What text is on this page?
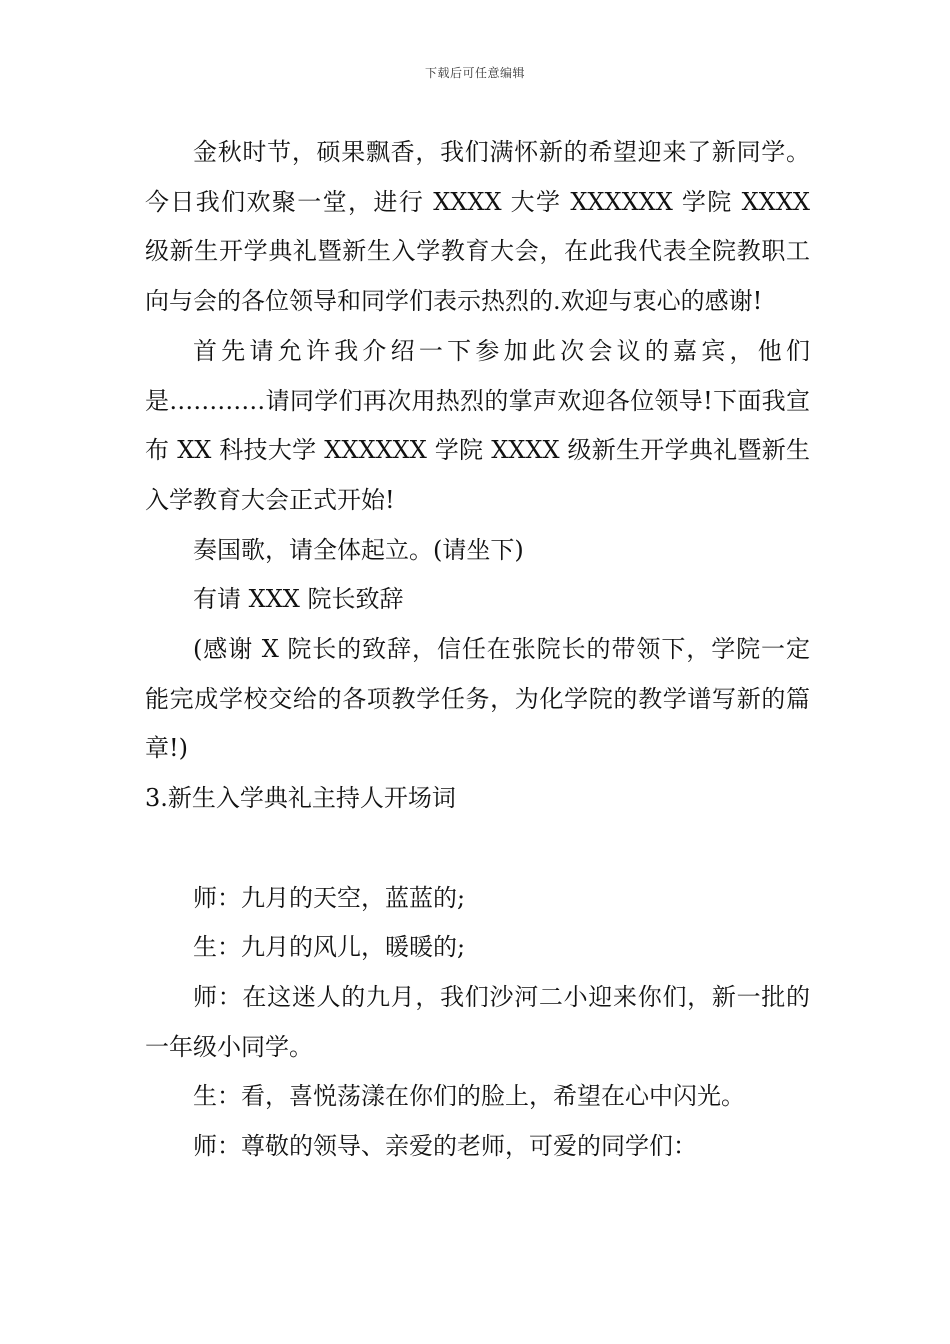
下载后可任意编辑

金秋时节，硕果飘香，我们满怀新的希望迎来了新同学。今日我们欢聚一堂，进行 XXXX 大学 XXXXXX 学院 XXXX 级新生开学典礼暨新生入学教育大会，在此我代表全院教职工向与会的各位领导和同学们表示热烈的.欢迎与衷心的感谢!

首先请允许我介绍一下参加此次会议的嘉宾，他们是…………请同学们再次用热烈的掌声欢迎各位领导!下面我宣布 XX 科技大学 XXXXXX 学院 XXXX 级新生开学典礼暨新生入学教育大会正式开始!

奏国歌，请全体起立。(请坐下)

有请 XXX 院长致辞

(感谢 X 院长的致辞，信任在张院长的带领下，学院一定能完成学校交给的各项教学任务，为化学院的教学谱写新的篇章!)

3.新生入学典礼主持人开场词

师：九月的天空，蓝蓝的;

生：九月的风儿，暖暖的;

师：在这迷人的九月，我们沙河二小迎来你们，新一批的一年级小同学。

生：看，喜悦荡漾在你们的脸上，希望在心中闪光。

师：尊敬的领导、亲爱的老师，可爱的同学们：
